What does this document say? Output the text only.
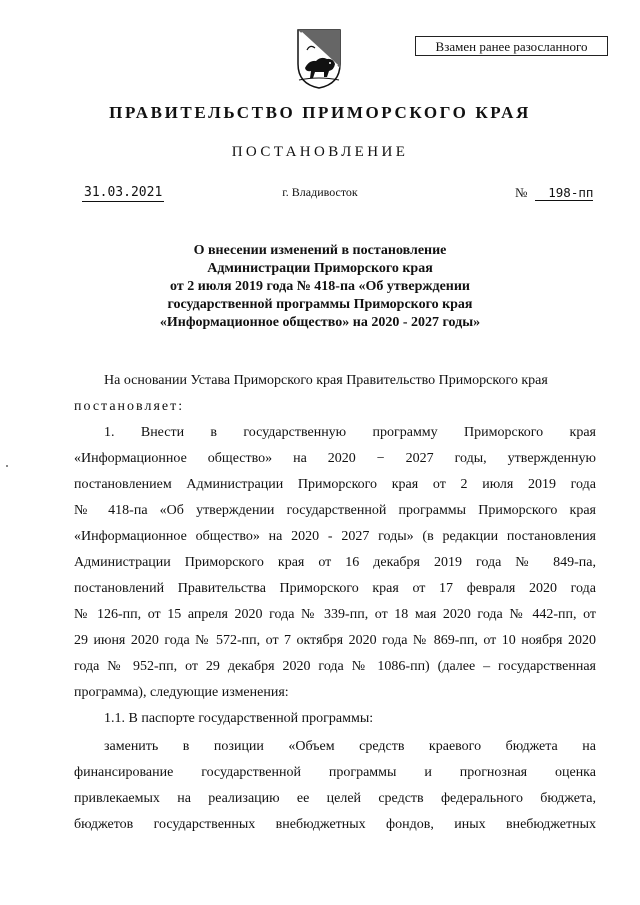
Взамен ранее разосланного
ПРАВИТЕЛЬСТВО ПРИМОРСКОГО КРАЯ
ПОСТАНОВЛЕНИЕ
31.03.2021	г. Владивосток	№ 198-пп
О внесении изменений в постановление
Администрации Приморского края
от 2 июля 2019 года № 418-па «Об утверждении
государственной программы Приморского края
«Информационное общество» на 2020 - 2027 годы»
На основании Устава Приморского края Правительство Приморского края
постановляет:
1. Внести в государственную программу Приморского края
«Информационное общество» на 2020 − 2027 годы, утвержденную
постановлением Администрации Приморского края от 2 июля 2019 года
№ 418-па «Об утверждении государственной программы Приморского края
«Информационное общество» на 2020 - 2027 годы» (в редакции постановления
Администрации Приморского края от 16 декабря 2019 года № 849-па,
постановлений Правительства Приморского края от 17 февраля 2020 года
№ 126-пп, от 15 апреля 2020 года № 339-пп, от 18 мая 2020 года № 442-пп, от
29 июня 2020 года № 572-пп, от 7 октября 2020 года № 869-пп, от 10 ноября 2020
года № 952-пп, от 29 декабря 2020 года № 1086-пп) (далее – государственная
программа), следующие изменения:
1.1. В паспорте государственной программы:
заменить в позиции «Объем средств краевого бюджета на
финансирование государственной программы и прогнозная оценка
привлекаемых на реализацию ее целей средств федерального бюджета,
бюджетов государственных внебюджетных фондов, иных внебюджетных
